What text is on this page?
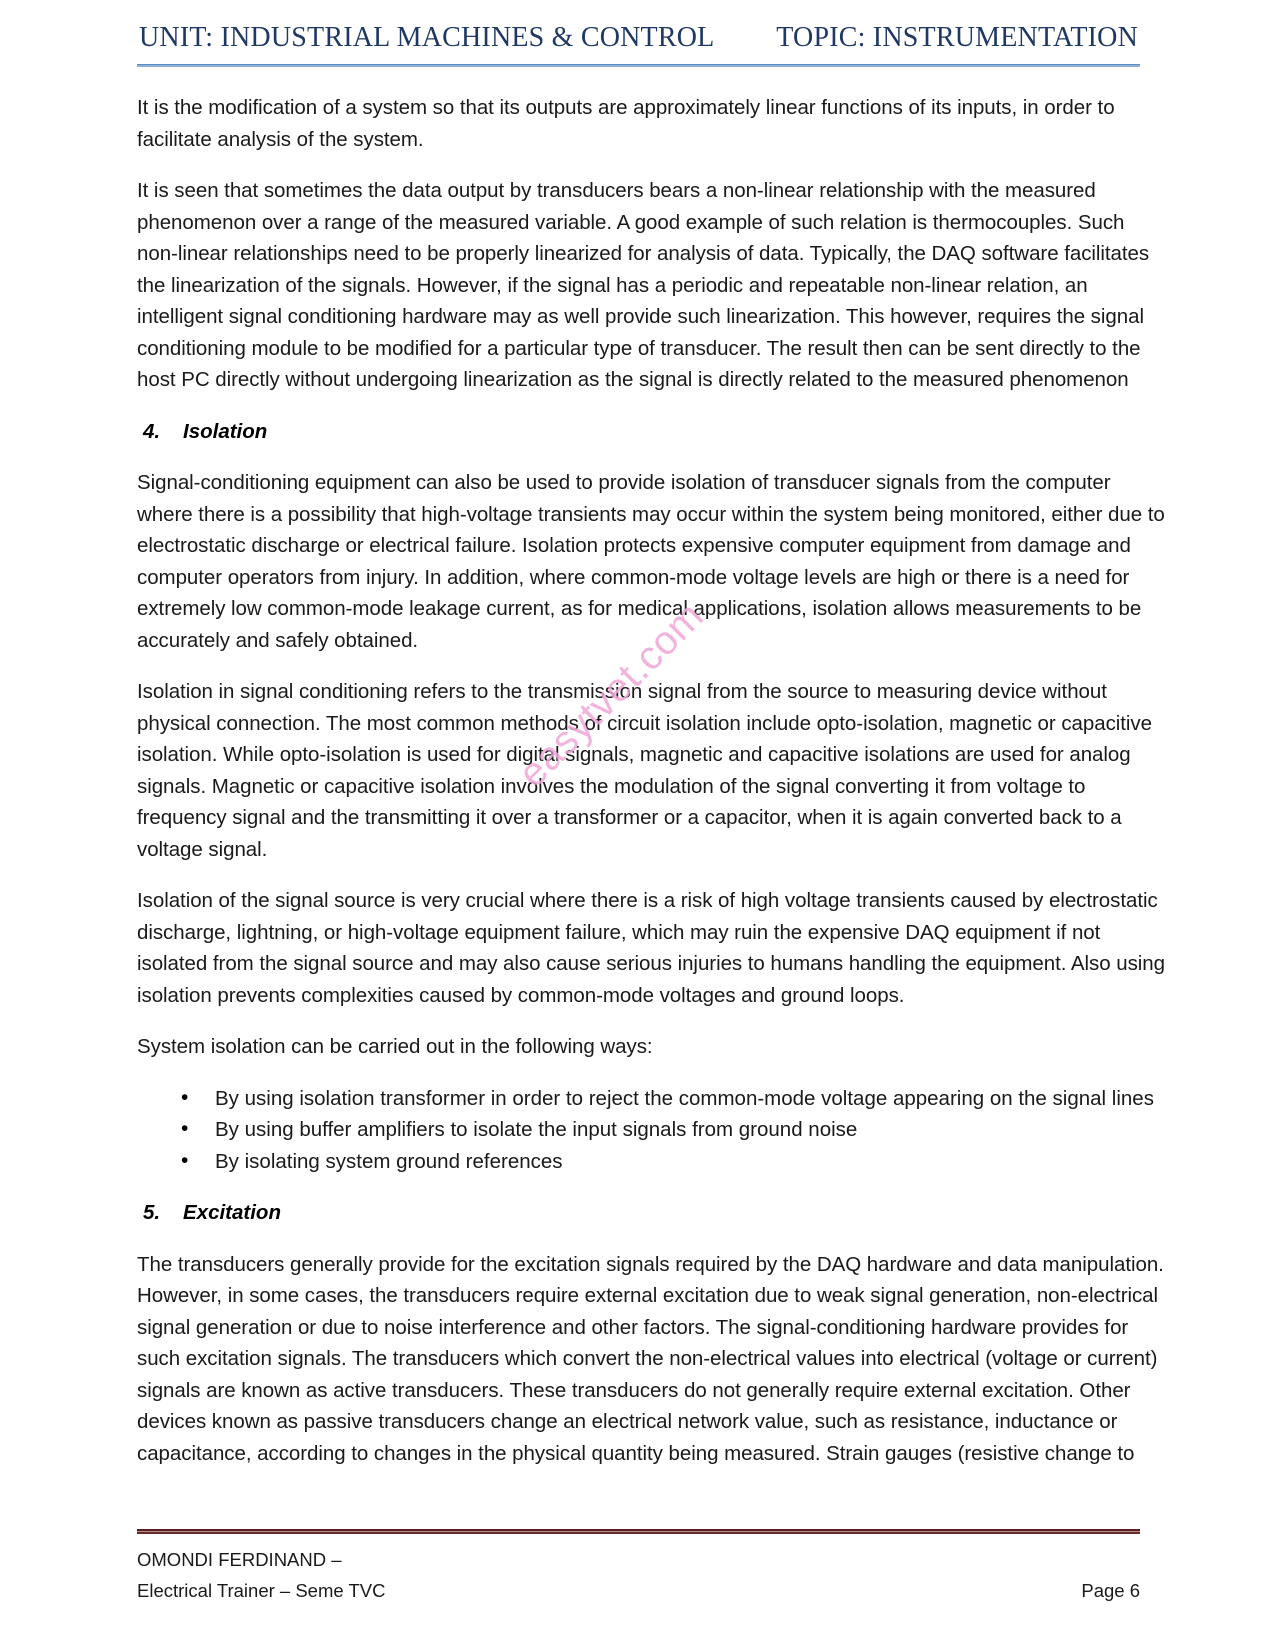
UNIT: INDUSTRIAL MACHINES & CONTROL TOPIC: INSTRUMENTATION

It is the modification of a system so that its outputs are approximately linear functions of its inputs, in order to facilitate analysis of the system.

It is seen that sometimes the data output by transducers bears a non-linear relationship with the measured phenomenon over a range of the measured variable. A good example of such relation is thermocouples. Such non-linear relationships need to be properly linearized for analysis of data. Typically, the DAQ software facilitates the linearization of the signals. However, if the signal has a periodic and repeatable non-linear relation, an intelligent signal conditioning hardware may as well provide such linearization. This however, requires the signal conditioning module to be modified for a particular type of transducer. The result then can be sent directly to the host PC directly without undergoing linearization as the signal is directly related to the measured phenomenon

4.	Isolation

Signal-conditioning equipment can also be used to provide isolation of transducer signals from the computer where there is a possibility that high-voltage transients may occur within the system being monitored, either due to electrostatic discharge or electrical failure. Isolation protects expensive computer equipment from damage and computer operators from injury. In addition, where common-mode voltage levels are high or there is a need for extremely low common-mode leakage current, as for medical applications, isolation allows measurements to be accurately and safely obtained.

Isolation in signal conditioning refers to the transmission signal from the source to measuring device without physical connection. The most common methods of circuit isolation include opto-isolation, magnetic or capacitive isolation. While opto-isolation is used for digital signals, magnetic and capacitive isolations are used for analog signals. Magnetic or capacitive isolation involves the modulation of the signal converting it from voltage to frequency signal and the transmitting it over a transformer or a capacitor, when it is again converted back to a voltage signal.

Isolation of the signal source is very crucial where there is a risk of high voltage transients caused by electrostatic discharge, lightning, or high-voltage equipment failure, which may ruin the expensive DAQ equipment if not isolated from the signal source and may also cause serious injuries to humans handling the equipment. Also using isolation prevents complexities caused by common-mode voltages and ground loops.

System isolation can be carried out in the following ways:

• By using isolation transformer in order to reject the common-mode voltage appearing on the signal lines
• By using buffer amplifiers to isolate the input signals from ground noise
• By isolating system ground references
5.	Excitation

The transducers generally provide for the excitation signals required by the DAQ hardware and data manipulation. However, in some cases, the transducers require external excitation due to weak signal generation, non-electrical signal generation or due to noise interference and other factors. The signal-conditioning hardware provides for such excitation signals. The transducers which convert the non-electrical values into electrical (voltage or current) signals are known as active transducers. These transducers do not generally require external excitation. Other devices known as passive transducers change an electrical network value, such as resistance, inductance or capacitance, according to changes in the physical quantity being measured. Strain gauges (resistive change to

easytvet.com
OMONDI FERDINAND –
Electrical Trainer – Seme TVC	Page 6
